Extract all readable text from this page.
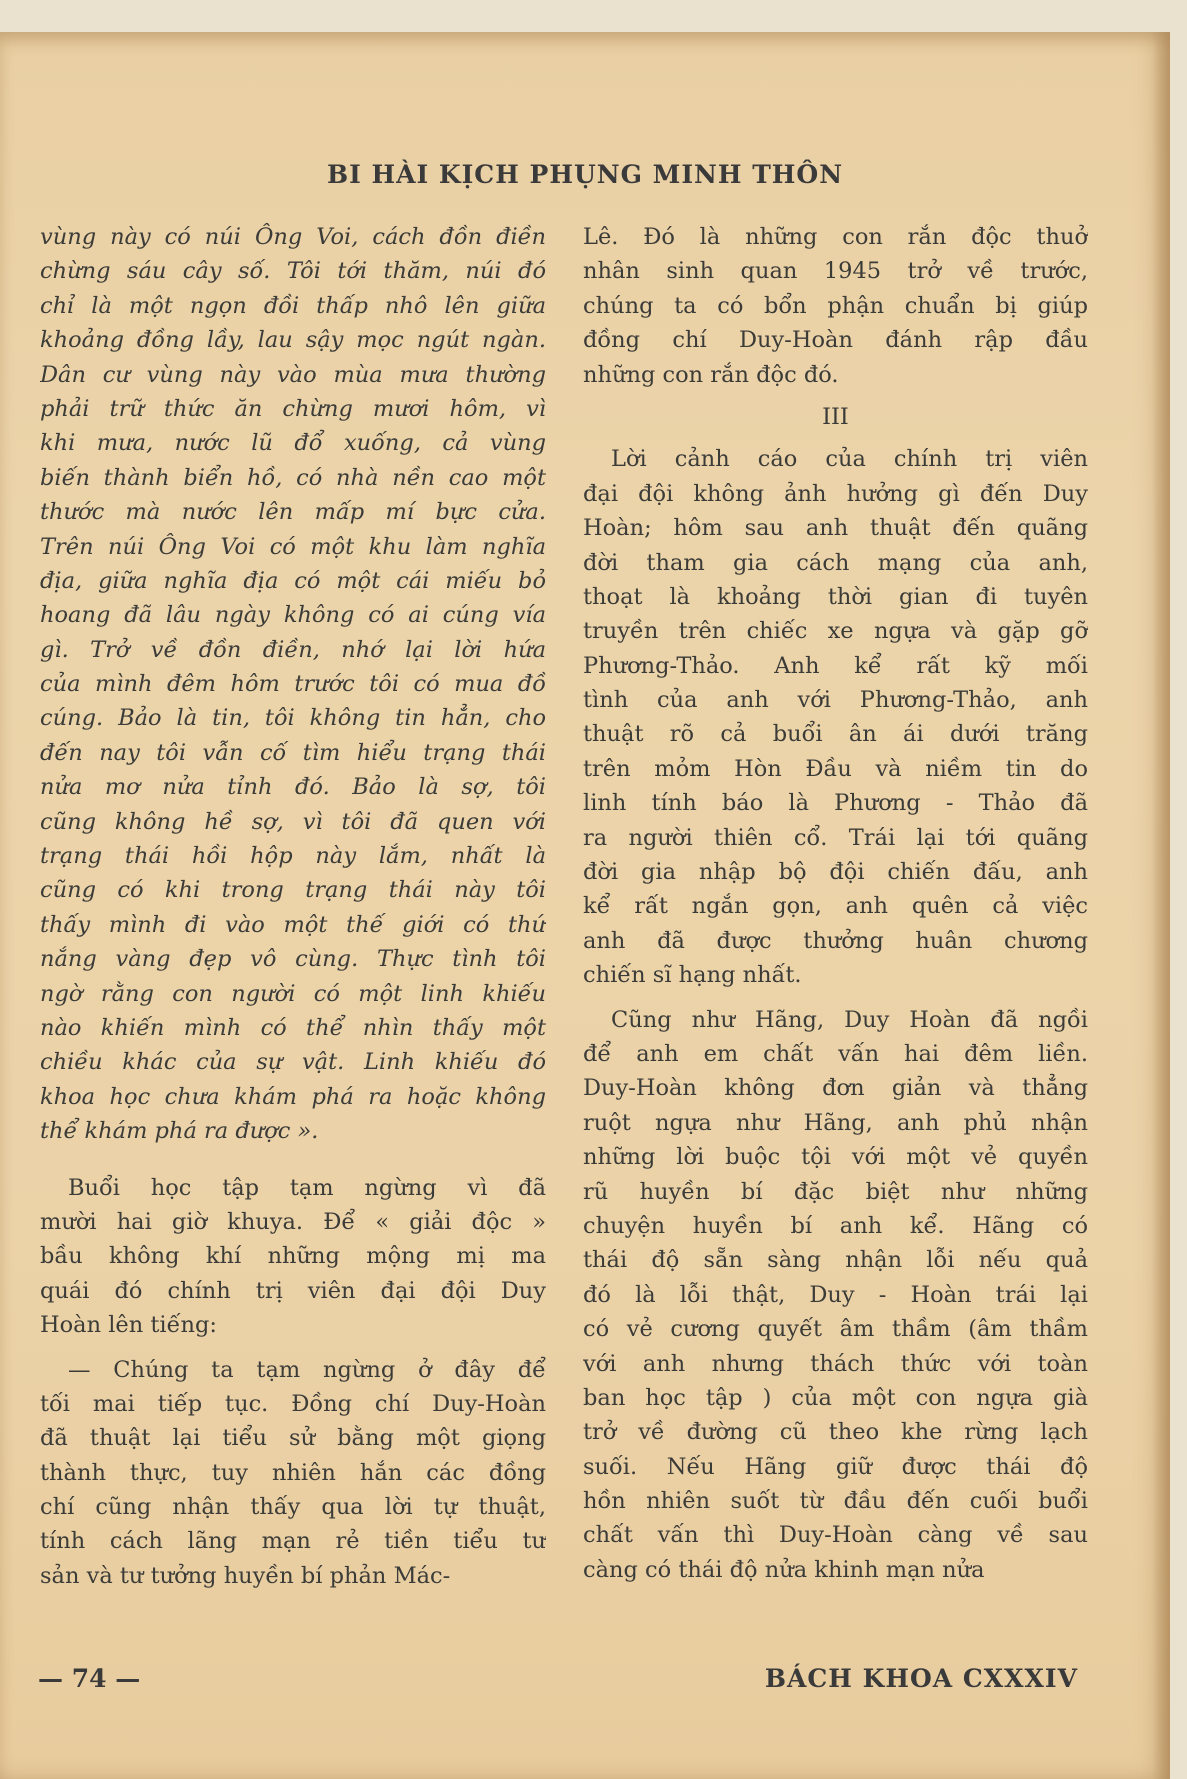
BI HÀI KỊCH PHỤNG MINH THÔN
vùng này có núi Ông Voi, cách đồn điền
chừng sáu cây số. Tôi tới thăm, núi đó
chỉ là một ngọn đồi thấp nhô lên giữa
khoảng đồng lầy, lau sậy mọc ngút ngàn.
Dân cư vùng này vào mùa mưa thường
phải trữ thức ăn chừng mươi hôm, vì
khi mưa, nước lũ đổ xuống, cả vùng
biến thành biển hồ, có nhà nền cao một
thước mà nước lên mấp mí bực cửa.
Trên núi Ông Voi có một khu làm nghĩa
địa, giữa nghĩa địa có một cái miếu bỏ
hoang đã lâu ngày không có ai cúng vía
gì. Trở về đồn điền, nhớ lại lời hứa
của mình đêm hôm trước tôi có mua đồ
cúng. Bảo là tin, tôi không tin hẳn, cho
đến nay tôi vẫn cố tìm hiểu trạng thái
nửa mơ nửa tỉnh đó. Bảo là sợ, tôi
cũng không hề sợ, vì tôi đã quen với
trạng thái hồi hộp này lắm, nhất là
cũng có khi trong trạng thái này tôi
thấy mình đi vào một thế giới có thứ
nắng vàng đẹp vô cùng. Thực tình tôi
ngờ rằng con người có một linh khiếu
nào khiến mình có thể nhìn thấy một
chiều khác của sự vật. Linh khiếu đó
khoa học chưa khám phá ra hoặc không
thể khám phá ra được ».
Buổi học tập tạm ngừng vì đã
mười hai giờ khuya. Để « giải độc »
bầu không khí những mộng mị ma
quái đó chính trị viên đại đội Duy
Hoàn lên tiếng:
— Chúng ta tạm ngừng ở đây để
tối mai tiếp tục. Đồng chí Duy-Hoàn
đã thuật lại tiểu sử bằng một giọng
thành thực, tuy nhiên hắn các đồng
chí cũng nhận thấy qua lời tự thuật,
tính cách lãng mạn rẻ tiền tiểu tư
sản và tư tưởng huyền bí phản Mác-
Lê. Đó là những con rắn độc thuở
nhân sinh quan 1945 trở về trước,
chúng ta có bổn phận chuẩn bị giúp
đồng chí Duy-Hoàn đánh rập đầu
những con rắn độc đó.
III
Lời cảnh cáo của chính trị viên
đại đội không ảnh hưởng gì đến Duy
Hoàn; hôm sau anh thuật đến quãng
đời tham gia cách mạng của anh,
thoạt là khoảng thời gian đi tuyên
truyền trên chiếc xe ngựa và gặp gỡ
Phương-Thảo. Anh kể rất kỹ mối
tình của anh với Phương-Thảo, anh
thuật rõ cả buổi ân ái dưới trăng
trên mỏm Hòn Đầu và niềm tin do
linh tính báo là Phương - Thảo đã
ra người thiên cổ. Trái lại tới quãng
đời gia nhập bộ đội chiến đấu, anh
kể rất ngắn gọn, anh quên cả việc
anh đã được thưởng huân chương
chiến sĩ hạng nhất.
Cũng như Hãng, Duy Hoàn đã ngồi
để anh em chất vấn hai đêm liền.
Duy-Hoàn không đơn giản và thẳng
ruột ngựa như Hãng, anh phủ nhận
những lời buộc tội với một vẻ quyền
rũ huyền bí đặc biệt như những
chuyện huyền bí anh kể. Hãng có
thái độ sẵn sàng nhận lỗi nếu quả
đó là lỗi thật, Duy - Hoàn trái lại
có vẻ cương quyết âm thầm (âm thầm
với anh nhưng thách thức với toàn
ban học tập ) của một con ngựa già
trở về đường cũ theo khe rừng lạch
suối. Nếu Hãng giữ được thái độ
hồn nhiên suốt từ đầu đến cuối buổi
chất vấn thì Duy-Hoàn càng về sau
càng có thái độ nửa khinh mạn nửa
— 74 —	BÁCH KHOA CXXXIV
